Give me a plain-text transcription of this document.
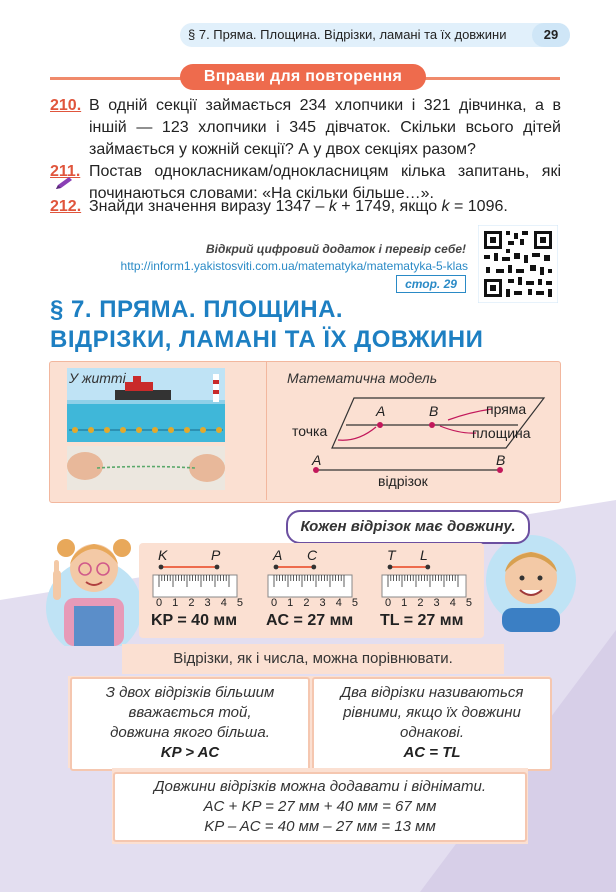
§ 7. Пряма. Площина. Відрізки, ламані та їх довжини	29
Вправи для повторення
210. В одній секції займається 234 хлопчики і 321 дівчинка, а в іншій — 123 хлопчики і 345 дівчаток. Скільки всього дітей займається у кожній секції? А у двох секціях разом?
211. Постав однокласникам/однокласницям кілька запитань, які починаються словами: «На скільки більше…».
212. Знайди значення виразу 1347 – k + 1749, якщо k = 1096.
Відкрий цифровий додаток і перевір себе!
http://inform1.yakistosvіti.com.ua/matematyka/matematyka-5-klas
стор. 29
§ 7. ПРЯМА. ПЛОЩИНА.
ВІДРІЗКИ, ЛАМАНІ ТА ЇХ ДОВЖИНИ
У житті	Математична модель
A	B
точка
пряма
площина
A	B
відрізок
Кожен відрізок має довжину.
K	P
0 1 2 3 4 5
KP = 40 мм
A C
0 1 2 3 4 5
AC = 27 мм
T L
0 1 2 3 4 5
TL = 27 мм
Відрізки, як і числа, можна порівнювати.
З двох відрізків більшим
вважається той,
довжина якого більша.
KP > AC
Два відрізки називаються
рівними, якщо їх довжини
однакові.
AC = TL
Довжини відрізків можна додавати і віднімати.
AC + KP = 27 мм + 40 мм = 67 мм
KP – AC = 40 мм – 27 мм = 13 мм
